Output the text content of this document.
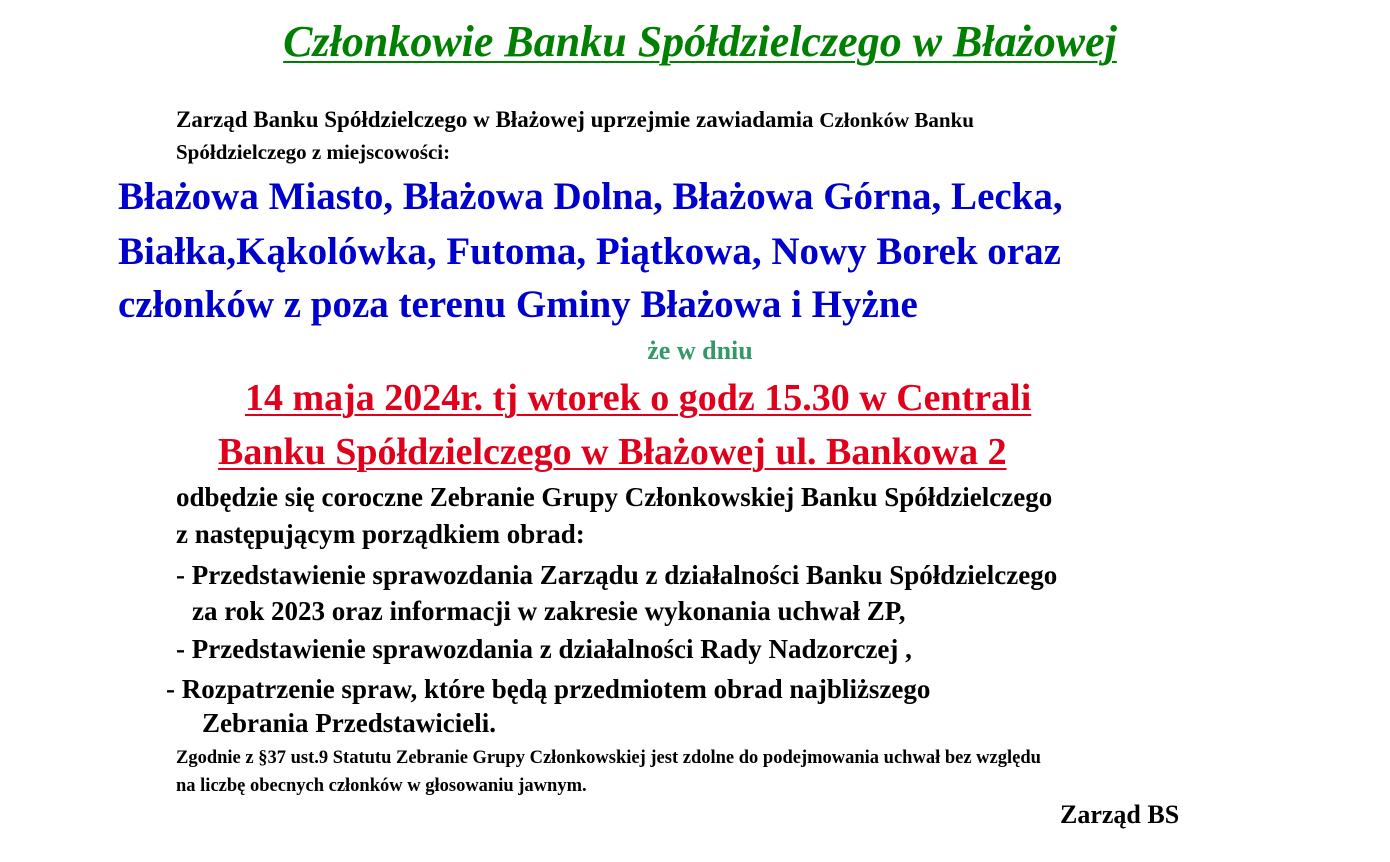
Członkowie Banku Spółdzielczego w Błażowej

Zarząd Banku Spółdzielczego w Błażowej uprzejmie zawiadamia Członków Banku

Spółdzielczego z miejscowości:

Błażowa Miasto, Błażowa Dolna, Błażowa Górna, Lecka,

Białka,Kąkolówka, Futoma, Piątkowa, Nowy Borek oraz

członków z poza terenu Gminy Błażowa i Hyżne

że w dniu

14 maja 2024r. tj wtorek o godz 15.30 w Centrali

Banku Spółdzielczego w Błażowej ul. Bankowa 2

odbędzie się coroczne Zebranie Grupy Członkowskiej Banku Spółdzielczego

z następującym porządkiem obrad:

- Przedstawienie sprawozdania Zarządu z działalności Banku Spółdzielczego

za rok 2023 oraz informacji w zakresie wykonania uchwał ZP,

- Przedstawienie sprawozdania z działalności Rady Nadzorczej ,

- Rozpatrzenie spraw, które będą przedmiotem obrad najbliższego

Zebrania Przedstawicieli.

Zgodnie z §37 ust.9 Statutu Zebranie Grupy Członkowskiej jest zdolne do podejmowania uchwał bez względu

na liczbę obecnych członków w głosowaniu jawnym.

Zarząd BS
